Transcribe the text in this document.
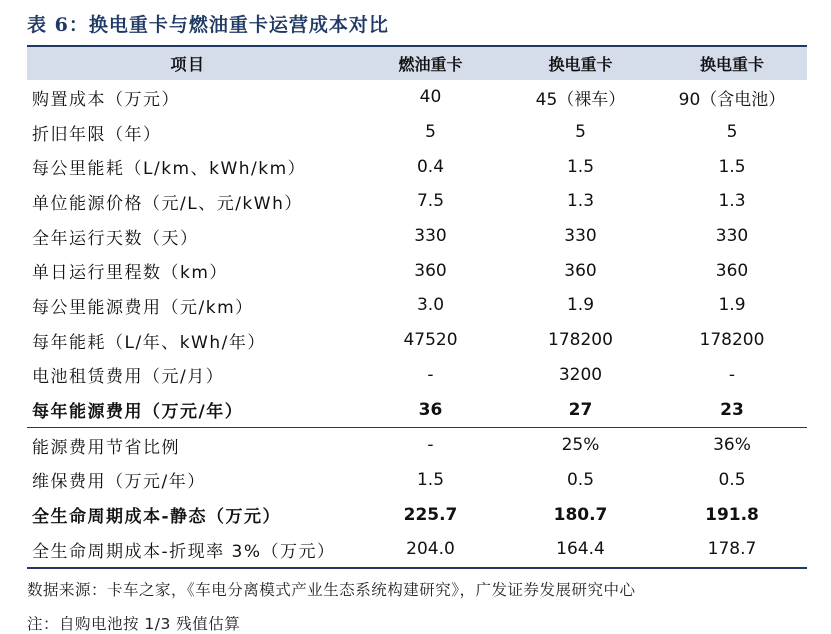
表 6：换电重卡与燃油重卡运营成本对比
项目	燃油重卡	换电重卡	换电重卡
购置成本（万元）	40	45（裸车）	90（含电池）
折旧年限（年）	5	5	5
每公里能耗（L/km、kWh/km）	0.4	1.5	1.5
单位能源价格（元/L、元/kWh）	7.5	1.3	1.3
全年运行天数（天）	330	330	330
单日运行里程数（km）	360	360	360
每公里能源费用（元/km）	3.0	1.9	1.9
每年能耗（L/年、kWh/年）	47520	178200	178200
电池租赁费用（元/月）	-	3200	-
每年能源费用（万元/年）	36	27	23
能源费用节省比例	-	25%	36%
维保费用（万元/年）	1.5	0.5	0.5
全生命周期成本-静态（万元）	225.7	180.7	191.8
全生命周期成本-折现率 3%（万元）	204.0	164.4	178.7
数据来源：卡车之家，《车电分离模式产业生态系统构建研究》，广发证券发展研究中心
注：自购电池按 1/3 残值估算
